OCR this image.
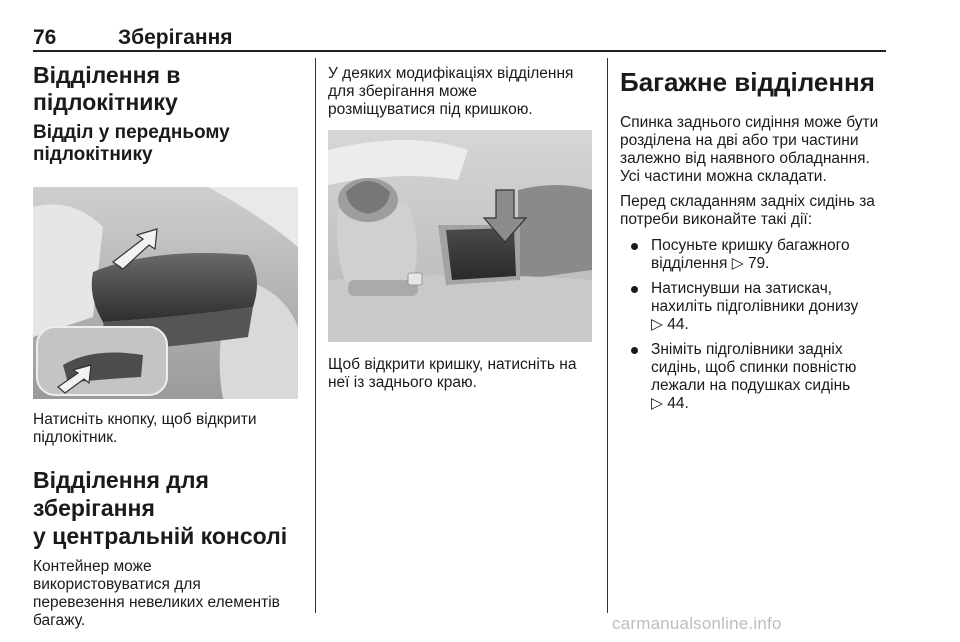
76	Зберігання
Відділення в підлокітнику
Відділ у передньому
підлокітнику
Натисніть кнопку, щоб відкрити
підлокітник.
Відділення для зберігання
у центральній консолі
Контейнер може
використовуватися для
перевезення невеликих елементів
багажу.
У деяких модифікаціях відділення
для зберігання може
розміщуватися під кришкою.
Щоб відкрити кришку, натисніть на
неї із заднього краю.
Багажне відділення
Спинка заднього сидіння може бути
розділена на дві або три частини
залежно від наявного обладнання.
Усі частини можна складати.
Перед складанням задніх сидінь за
потреби виконайте такі дії:
Посуньте кришку багажного
відділення ▷ 79.
Натиснувши на затискач,
нахиліть підголівники донизу
▷ 44.
Зніміть підголівники задніх
сидінь, щоб спинки повністю
лежали на подушках сидінь
▷ 44.
carmanualsonline.info
